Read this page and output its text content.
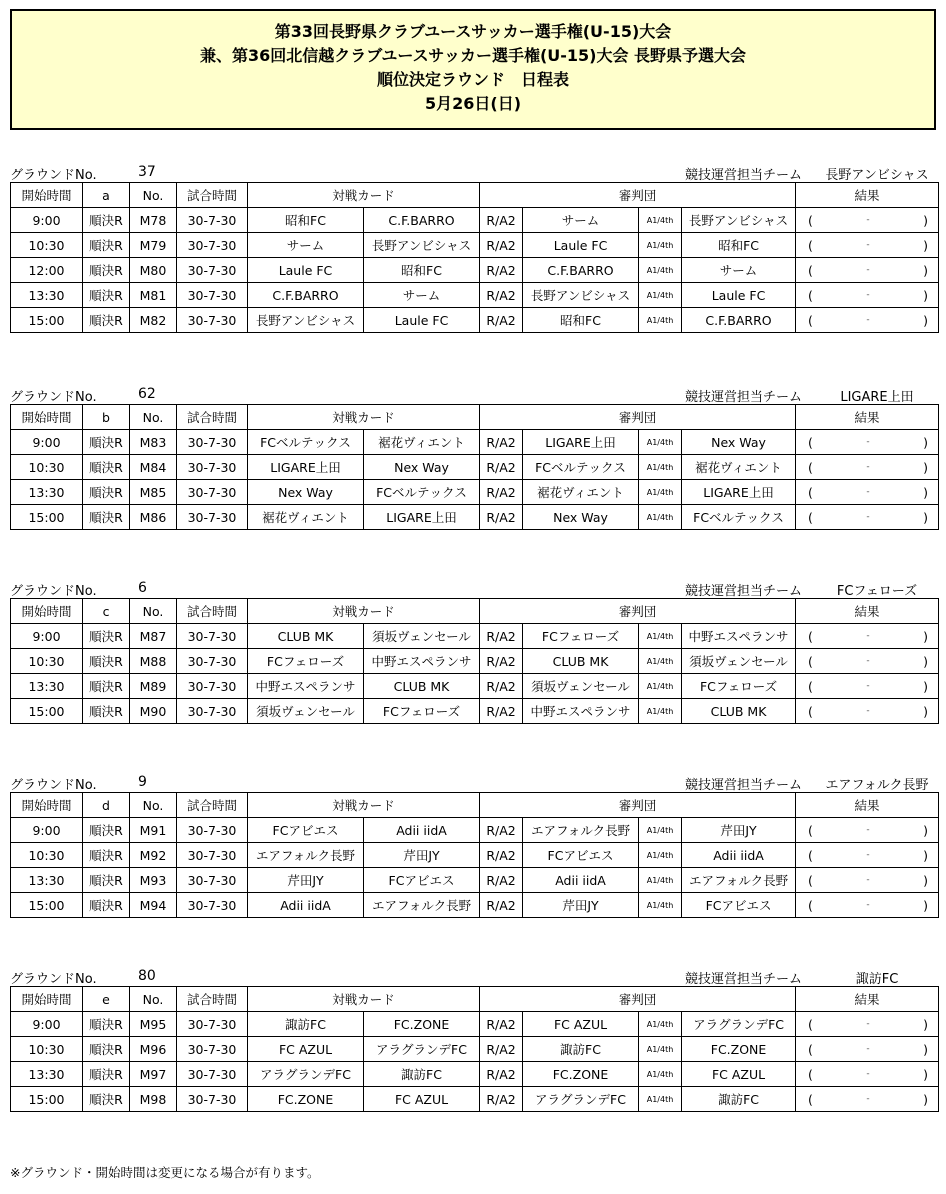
第33回長野県クラブユースサッカー選手権(U-15)大会
兼、第36回北信越クラブユースサッカー選手権(U-15)大会 長野県予選大会
順位決定ラウンド　日程表
5月26日(日)
グラウンドNo.	37	競技運営担当チーム	長野アンビシャス
開始時間	a	No.	試合時間	対戦カード		審判団				結果
9:00	順決R	M78	30-7-30	昭和FC	C.F.BARRO	R/A2	サーム	A1/4th	長野アンビシャス	( - )

10:30	順決R	M79	30-7-30	サーム	長野アンビシャス	R/A2	Laule FC	A1/4th	昭和FC	( - )

12:00	順決R	M80	30-7-30	Laule FC	昭和FC	R/A2	C.F.BARRO	A1/4th	サーム	( - )

13:30	順決R	M81	30-7-30	C.F.BARRO	サーム	R/A2	長野アンビシャス	A1/4th	Laule FC	( - )

15:00	順決R	M82	30-7-30	長野アンビシャス	Laule FC	R/A2	昭和FC	A1/4th	C.F.BARRO	( - )
グラウンドNo.	62	競技運営担当チーム	LIGARE上田
開始時間	b	No.	試合時間	対戦カード		審判団				結果
9:00	順決R	M83	30-7-30	FCベルテックス	裾花ヴィエント	R/A2	LIGARE上田	A1/4th	Nex Way	( - )

10:30	順決R	M84	30-7-30	LIGARE上田	Nex Way	R/A2	FCベルテックス	A1/4th	裾花ヴィエント	( - )

13:30	順決R	M85	30-7-30	Nex Way	FCベルテックス	R/A2	裾花ヴィエント	A1/4th	LIGARE上田	( - )

15:00	順決R	M86	30-7-30	裾花ヴィエント	LIGARE上田	R/A2	Nex Way	A1/4th	FCベルテックス	( - )
グラウンドNo.	6	競技運営担当チーム	FCフェローズ
開始時間	c	No.	試合時間	対戦カード		審判団				結果
9:00	順決R	M87	30-7-30	CLUB MK	須坂ヴェンセール	R/A2	FCフェローズ	A1/4th	中野エスペランサ	( - )

10:30	順決R	M88	30-7-30	FCフェローズ	中野エスペランサ	R/A2	CLUB MK	A1/4th	須坂ヴェンセール	( - )

13:30	順決R	M89	30-7-30	中野エスペランサ	CLUB MK	R/A2	須坂ヴェンセール	A1/4th	FCフェローズ	( - )

15:00	順決R	M90	30-7-30	須坂ヴェンセール	FCフェローズ	R/A2	中野エスペランサ	A1/4th	CLUB MK	( - )
グラウンドNo.	9	競技運営担当チーム	エアフォルク長野
開始時間	d	No.	試合時間	対戦カード		審判団				結果
9:00	順決R	M91	30-7-30	FCアビエス	Adii iidA	R/A2	エアフォルク長野	A1/4th	芹田JY	( - )

10:30	順決R	M92	30-7-30	エアフォルク長野	芹田JY	R/A2	FCアビエス	A1/4th	Adii iidA	( - )

13:30	順決R	M93	30-7-30	芹田JY	FCアビエス	R/A2	Adii iidA	A1/4th	エアフォルク長野	( - )

15:00	順決R	M94	30-7-30	Adii iidA	エアフォルク長野	R/A2	芹田JY	A1/4th	FCアビエス	( - )
グラウンドNo.	80	競技運営担当チーム	諏訪FC
開始時間	e	No.	試合時間	対戦カード		審判団				結果
9:00	順決R	M95	30-7-30	諏訪FC	FC.ZONE	R/A2	FC AZUL	A1/4th	アラグランデFC	( - )

10:30	順決R	M96	30-7-30	FC AZUL	アラグランデFC	R/A2	諏訪FC	A1/4th	FC.ZONE	( - )

13:30	順決R	M97	30-7-30	アラグランデFC	諏訪FC	R/A2	FC.ZONE	A1/4th	FC AZUL	( - )

15:00	順決R	M98	30-7-30	FC.ZONE	FC AZUL	R/A2	アラグランデFC	A1/4th	諏訪FC	( - )
※グラウンド・開始時間は変更になる場合が有ります。
